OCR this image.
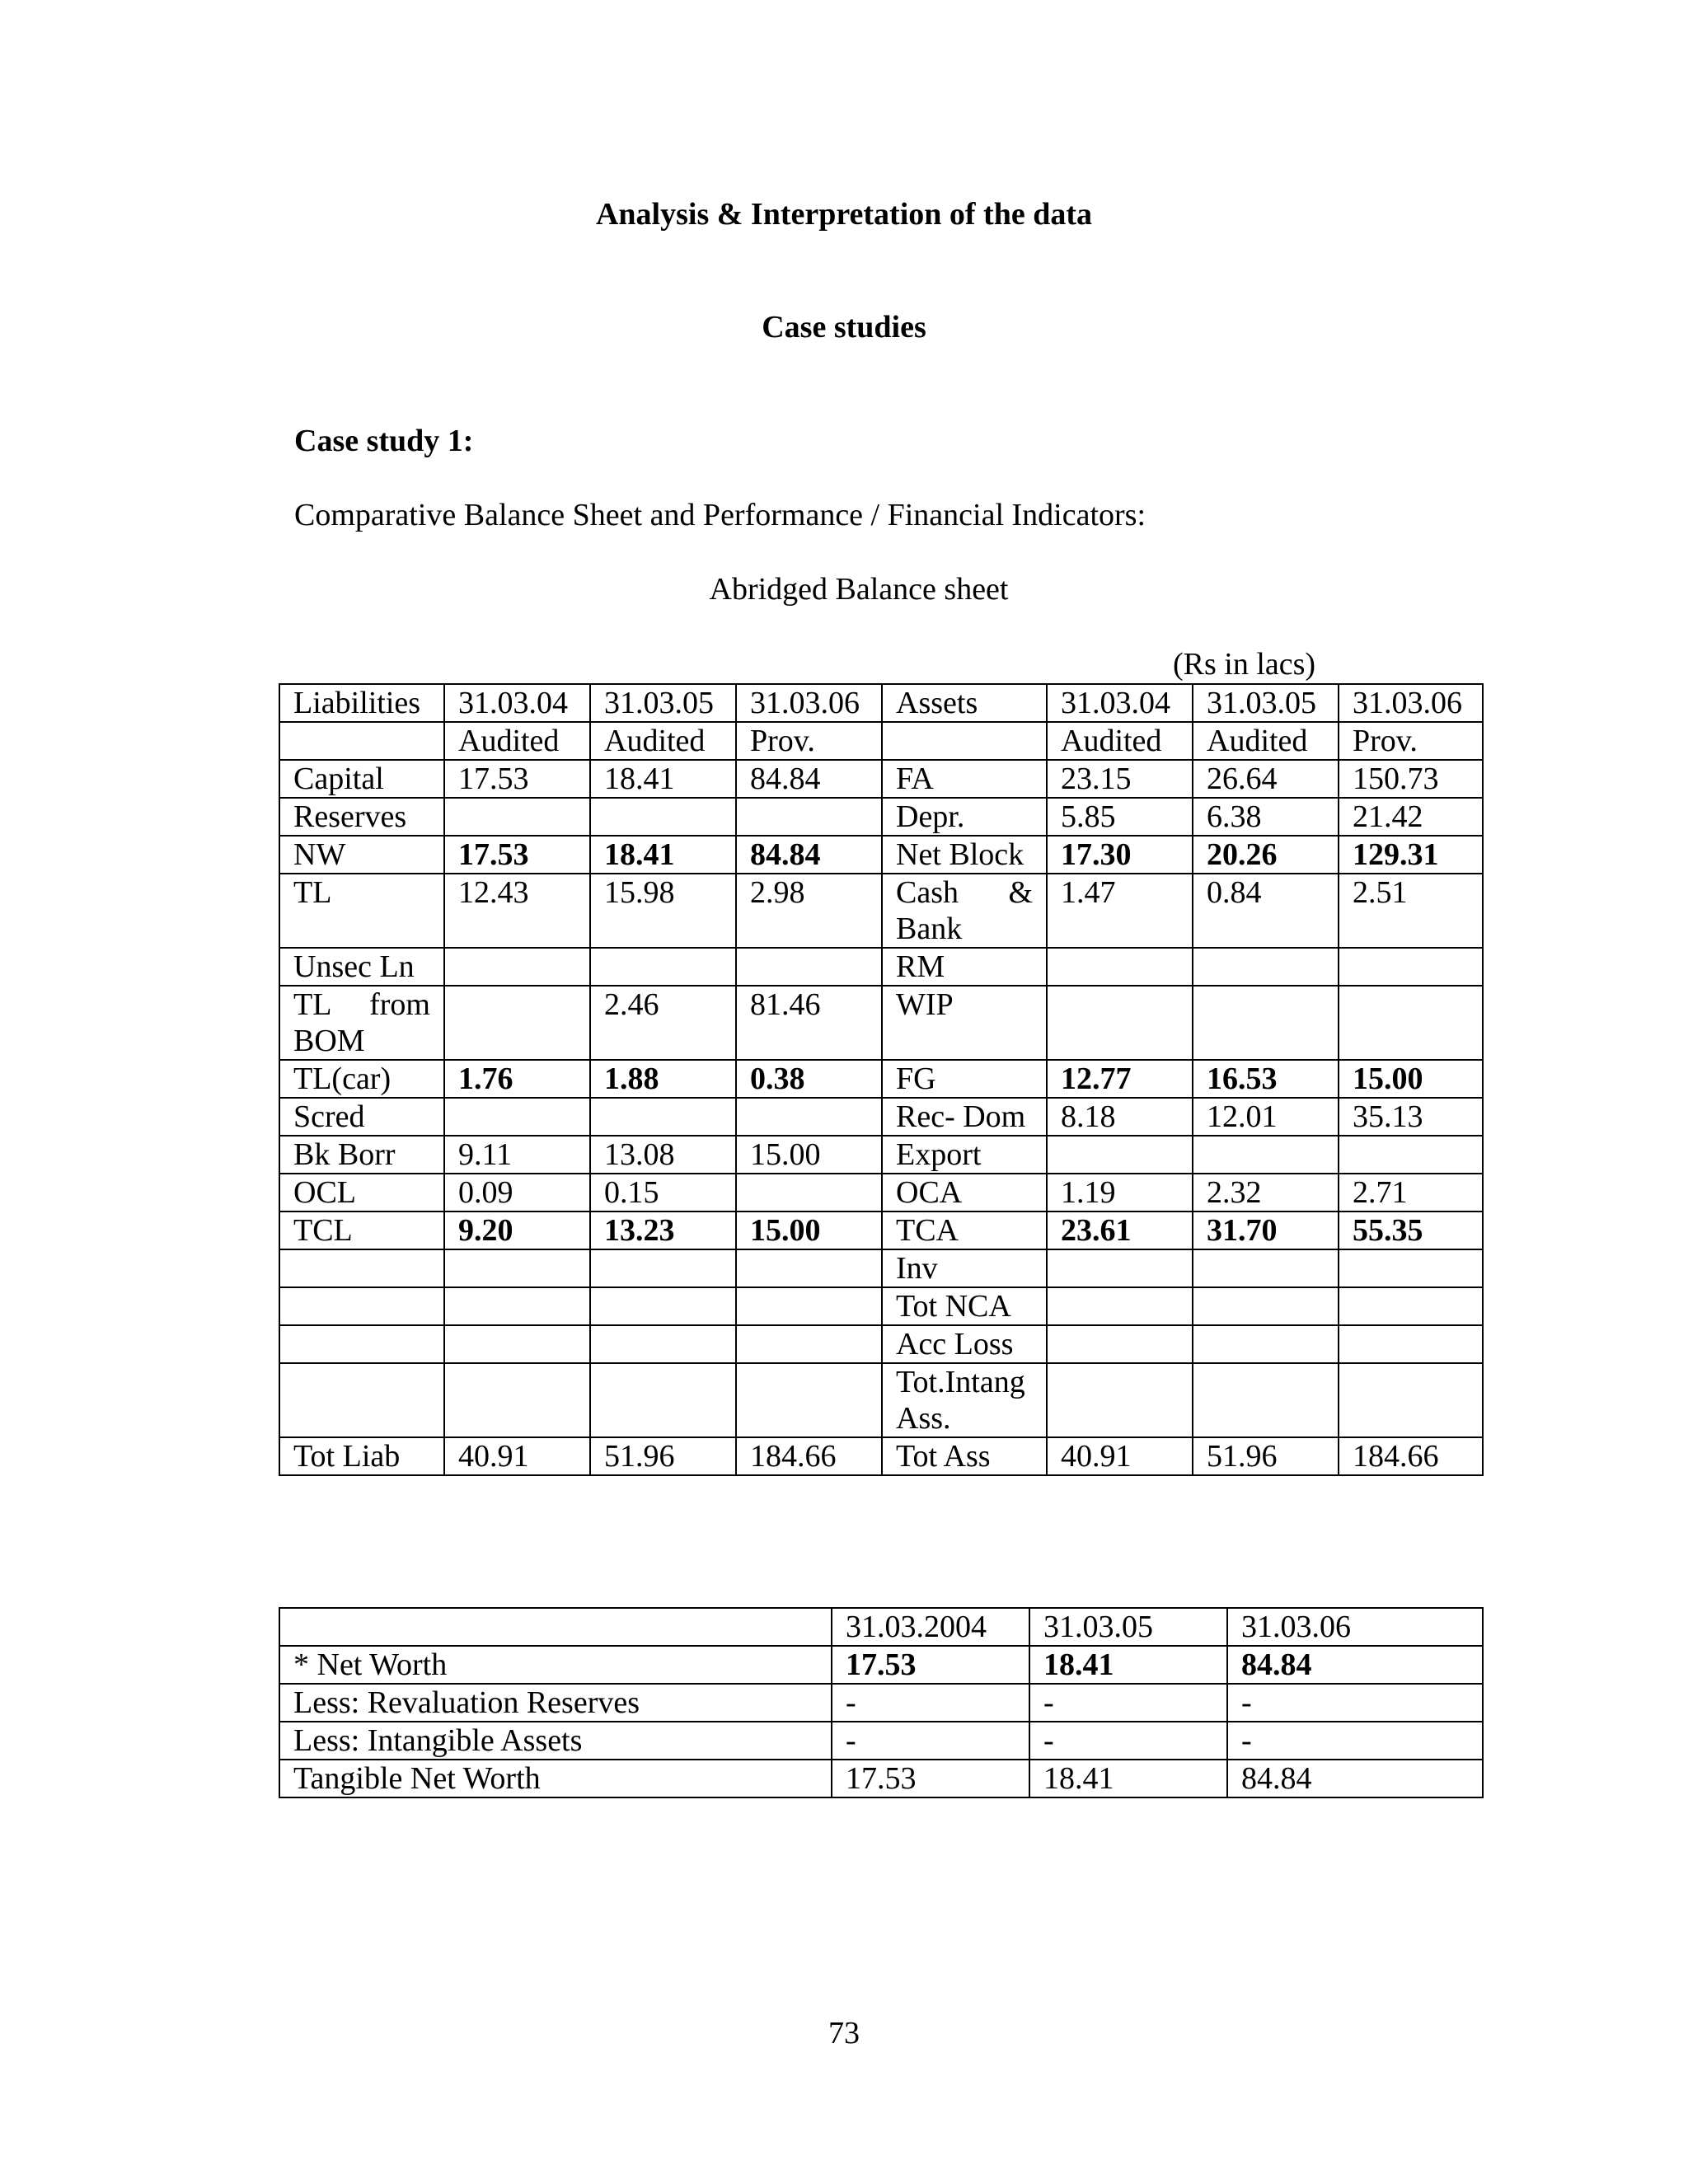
Analysis & Interpretation of the data
Case studies
Case study 1:
Comparative Balance Sheet and Performance / Financial Indicators:
Abridged Balance sheet
(Rs in lacs)
Liabilities	31.03.04	31.03.05	31.03.06	Assets	31.03.04	31.03.05	31.03.06
	Audited	Audited	Prov.		Audited	Audited	Prov.
Capital	17.53	18.41	84.84	FA	23.15	26.64	150.73
Reserves				Depr.	5.85	6.38	21.42
NW	17.53	18.41	84.84	Net Block	17.30	20.26	129.31
TL	12.43	15.98	2.98	Cash & Bank	1.47	0.84	2.51
Unsec Ln				RM			
TL from BOM		2.46	81.46	WIP			
TL(car)	1.76	1.88	0.38	FG	12.77	16.53	15.00
Scred				Rec- Dom	8.18	12.01	35.13
Bk Borr	9.11	13.08	15.00	Export			
OCL	0.09	0.15		OCA	1.19	2.32	2.71
TCL	9.20	13.23	15.00	TCA	23.61	31.70	55.35
				Inv			
				Tot NCA			
				Acc Loss			
				Tot.Intang Ass.			
Tot Liab	40.91	51.96	184.66	Tot Ass	40.91	51.96	184.66
	31.03.2004	31.03.05	31.03.06
* Net Worth	17.53	18.41	84.84
Less: Revaluation Reserves	-	-	-
Less: Intangible Assets	-	-	-
Tangible Net Worth	17.53	18.41	84.84
73
